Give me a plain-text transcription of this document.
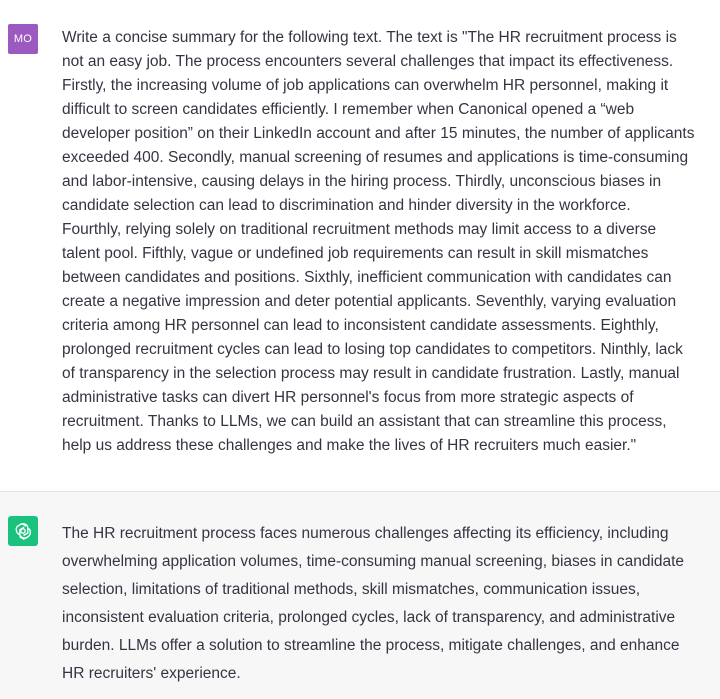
MO	Write a concise summary for the following text. The text is "The HR recruitment process is
not an easy job. The process encounters several challenges that impact its effectiveness.
Firstly, the increasing volume of job applications can overwhelm HR personnel, making it
difficult to screen candidates efficiently. I remember when Canonical opened a “web
developer position” on their LinkedIn account and after 15 minutes, the number of applicants
exceeded 400. Secondly, manual screening of resumes and applications is time-consuming
and labor-intensive, causing delays in the hiring process. Thirdly, unconscious biases in
candidate selection can lead to discrimination and hinder diversity in the workforce.
Fourthly, relying solely on traditional recruitment methods may limit access to a diverse
talent pool. Fifthly, vague or undefined job requirements can result in skill mismatches
between candidates and positions. Sixthly, inefficient communication with candidates can
create a negative impression and deter potential applicants. Seventhly, varying evaluation
criteria among HR personnel can lead to inconsistent candidate assessments. Eighthly,
prolonged recruitment cycles can lead to losing top candidates to competitors. Ninthly, lack
of transparency in the selection process may result in candidate frustration. Lastly, manual
administrative tasks can divert HR personnel's focus from more strategic aspects of
recruitment. Thanks to LLMs, we can build an assistant that can streamline this process,
help us address these challenges and make the lives of HR recruiters much easier."
The HR recruitment process faces numerous challenges affecting its efficiency, including
overwhelming application volumes, time-consuming manual screening, biases in candidate
selection, limitations of traditional methods, skill mismatches, communication issues,
inconsistent evaluation criteria, prolonged cycles, lack of transparency, and administrative
burden. LLMs offer a solution to streamline the process, mitigate challenges, and enhance
HR recruiters' experience.
